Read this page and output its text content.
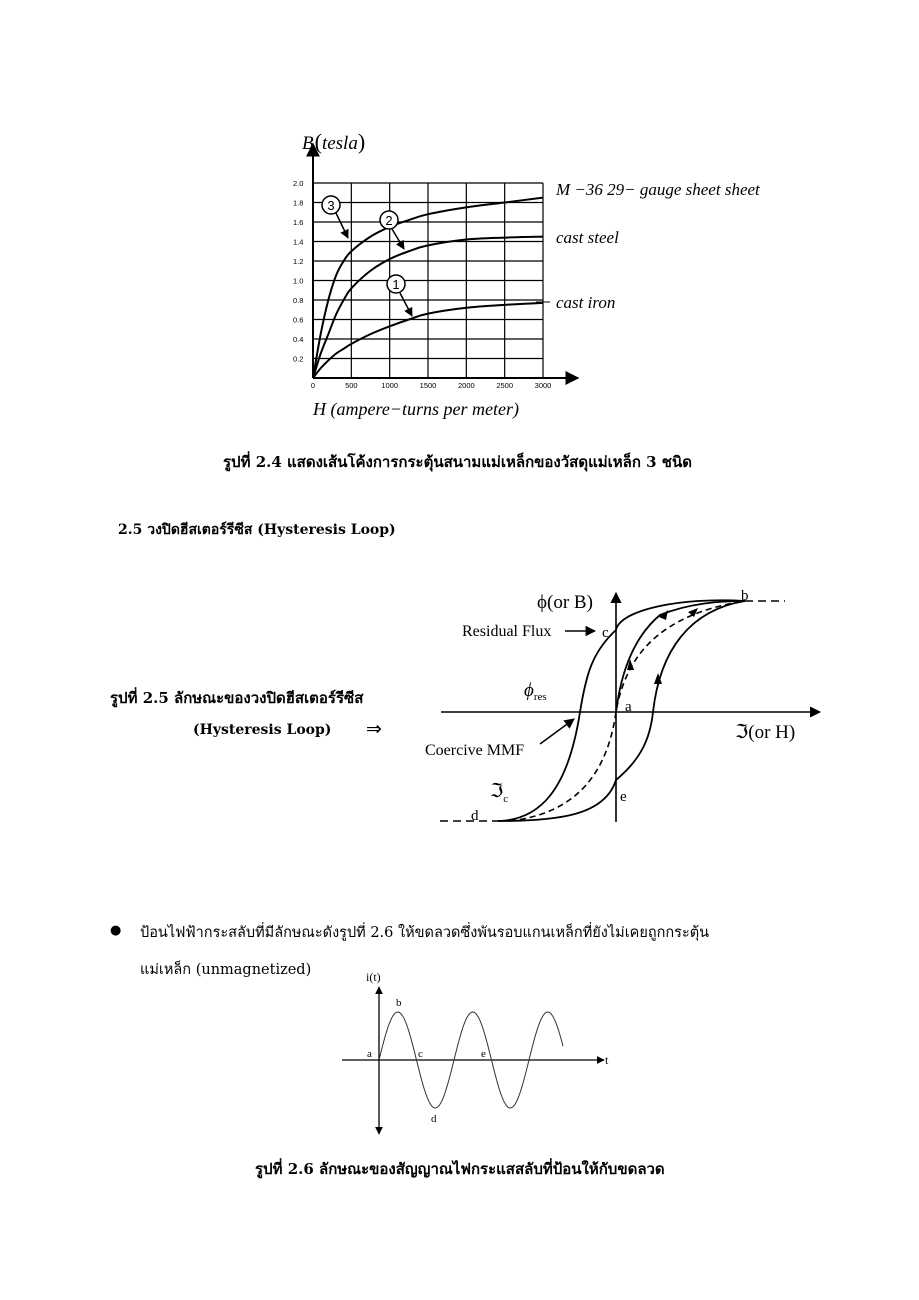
0.2
0.4
0.6
0.8
1.0
1.2
1.4
1.6
1.8
2.0
0	500	1000	1500	2000	2500	3000
B(tesla)
H (ampere−turns per meter)
M −36 29− gauge sheet sheet
cast steel
cast iron
3
2
1
รูปที่ 2.4 แสดงเส้นโค้งการกระตุ้นสนามแม่เหล็กของวัสดุแม่เหล็ก 3 ชนิด
2.5 วงปิดฮีสเตอร์รีซีส (Hysteresis Loop)
รูปที่ 2.5 ลักษณะของวงปิดฮีสเตอร์รีซีส
(Hysteresis Loop) ⇒
ϕ(or B)
ℑ(or H)
Residual Flux
$\phi_{res}$
Coercive MMF
ℑ$_c$
a
b
c
d
e
● ป้อนไฟฟ้ากระสลับที่มีลักษณะดังรูปที่ 2.6 ให้ขดลวดซึ่งพันรอบแกนเหล็กที่ยังไม่เคยถูกกระตุ้น
แม่เหล็ก (unmagnetized)	i(t)
t
a
b
c
d
e
รูปที่ 2.6 ลักษณะของสัญญาณไฟกระแสสลับที่ป้อนให้กับขดลวด
